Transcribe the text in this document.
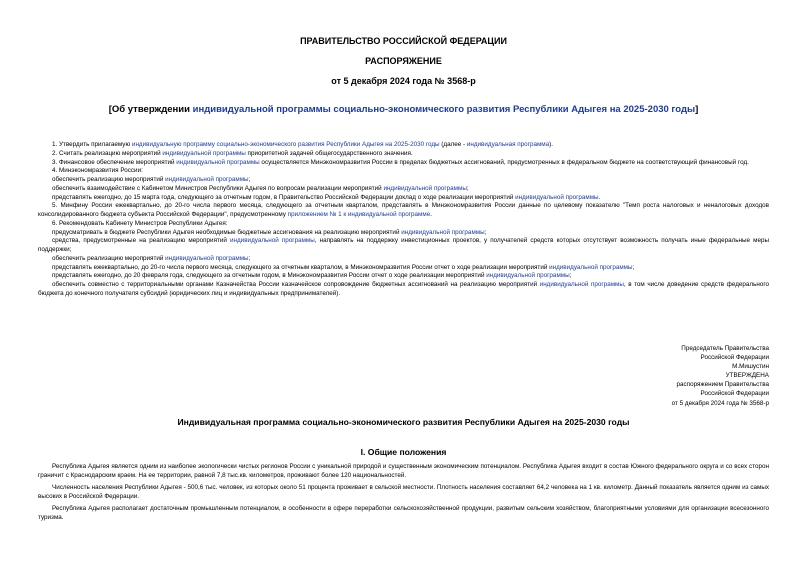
ПРАВИТЕЛЬСТВО РОССИЙСКОЙ ФЕДЕРАЦИИ
РАСПОРЯЖЕНИЕ
от 5 декабря 2024 года № 3568-р
[Об утверждении индивидуальной программы социально-экономического развития Республики Адыгея на 2025-2030 годы]

1. Утвердить прилагаемую индивидуальную программу социально-экономического развития Республики Адыгея на 2025-2030 годы (далее - индивидуальная программа).

2. Считать реализацию мероприятий индивидуальной программы приоритетной задачей общегосударственного значения.

3. Финансовое обеспечение мероприятий индивидуальной программы осуществляется Минэкономразвития России в пределах бюджетных ассигнований, предусмотренных в федеральном бюджете на соответствующий финансовый год.

4. Минэкономразвития России:

обеспечить реализацию мероприятий индивидуальной программы;

обеспечить взаимодействие с Кабинетом Министров Республики Адыгея по вопросам реализации мероприятий индивидуальной программы;

представлять ежегодно, до 15 марта года, следующего за отчетным годом, в Правительство Российской Федерации доклад о ходе реализации мероприятий индивидуальной программы.

5. Минфину России ежеквартально, до 20-го числа первого месяца, следующего за отчетным кварталом, представлять в Минэкономразвития России данные по целевому показателю "Темп роста налоговых и неналоговых доходов консолидированного бюджета субъекта Российской Федерации", предусмотренному приложением № 1 к индивидуальной программе.

6. Рекомендовать Кабинету Министров Республики Адыгея:

предусматривать в бюджете Республики Адыгея необходимые бюджетные ассигнования на реализацию мероприятий индивидуальной программы;

средства, предусмотренные на реализацию мероприятий индивидуальной программы, направлять на поддержку инвестиционных проектов, у получателей средств которых отсутствует возможность получать иные федеральные меры поддержки;

обеспечить реализацию мероприятий индивидуальной программы;

представлять ежеквартально, до 20-го числа первого месяца, следующего за отчетным кварталом, в Минэкономразвития России отчет о ходе реализации мероприятий индивидуальной программы;

представлять ежегодно, до 20 февраля года, следующего за отчетным годом, в Минэкономразвития России отчет о ходе реализации мероприятий индивидуальной программы;

обеспечить совместно с территориальными органами Казначейства России казначейское сопровождение бюджетных ассигнований на реализацию мероприятий индивидуальной программы, в том числе доведение средств федерального бюджета до конечного получателя субсидий (юридических лиц и индивидуальных предпринимателей).

Председатель Правительства
Российской Федерации
М.Мишустин
УТВЕРЖДЕНА
распоряжением Правительства
Российской Федерации
от 5 декабря 2024 года № 3568-р
Индивидуальная программа социально-экономического развития Республики Адыгея на 2025-2030 годы
I. Общие положения

Республика Адыгея является одним из наиболее экологически чистых регионов России с уникальной природой и существенным экономическим потенциалом. Республика Адыгея входит в состав Южного федерального округа и со всех сторон граничит с Краснодарским краем. На ее территории, равной 7,8 тыс.кв. километров, проживают более 120 национальностей.

Численность населения Республики Адыгея - 500,6 тыс. человек, из которых около 51 процента проживает в сельской местности. Плотность населения составляет 64,2 человека на 1 кв. километр. Данный показатель является одним из самых высоких в Российской Федерации.

Республика Адыгея располагает достаточным промышленным потенциалом, в особенности в сфере переработки сельскохозяйственной продукции, развитым сельским хозяйством, благоприятными условиями для организации всесезонного туризма.
